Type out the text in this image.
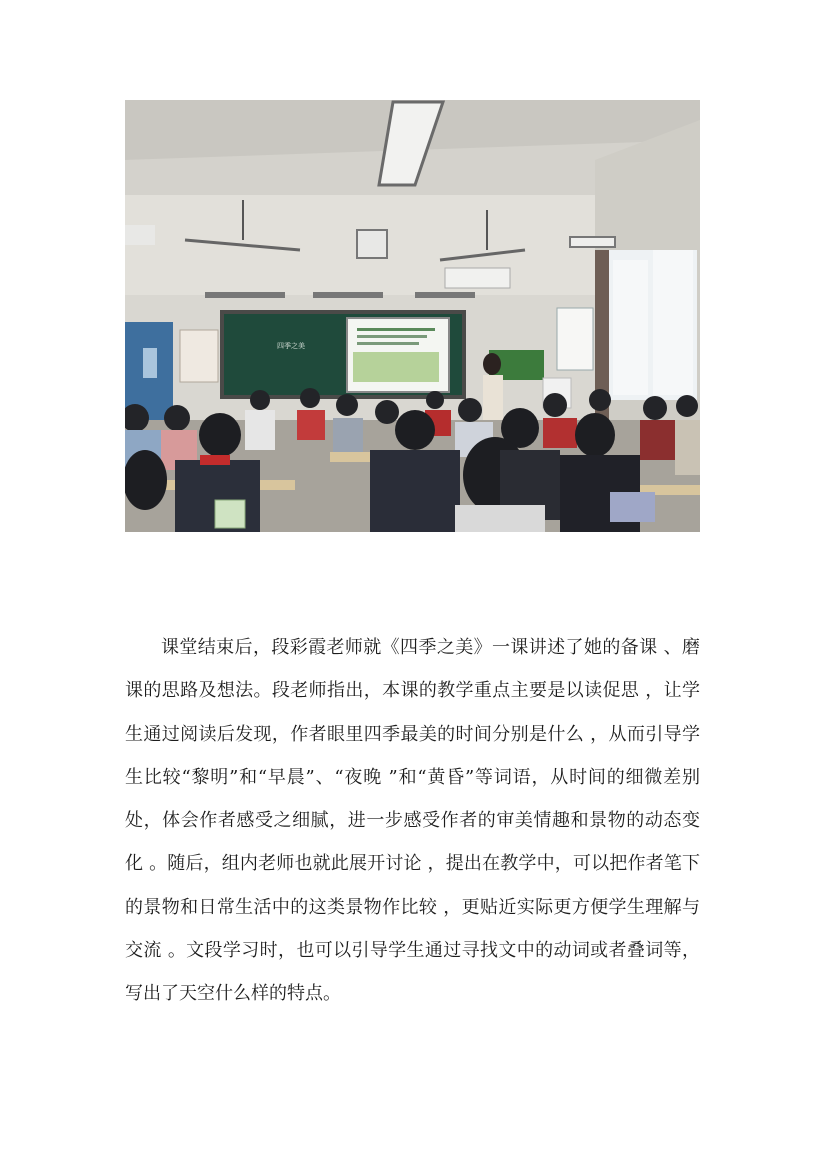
四季之美

课堂结束后，段彩霞老师就《四季之美》一课讲述了她的备课 、磨课的思路及想法。段老师指出，本课的教学重点主要是以读促思 ，让学生通过阅读后发现，作者眼里四季最美的时间分别是什么 ，从而引导学生比较“黎明”和“早晨”、“夜晚 ”和“黄昏”等词语，从时间的细微差别处，体会作者感受之细腻，进一步感受作者的审美情趣和景物的动态变化 。随后，组内老师也就此展开讨论 ，提出在教学中，可以把作者笔下的景物和日常生活中的这类景物作比较 ，更贴近实际更方便学生理解与交流 。文段学习时，也可以引导学生通过寻找文中的动词或者叠词等，写出了天空什么样的特点。
